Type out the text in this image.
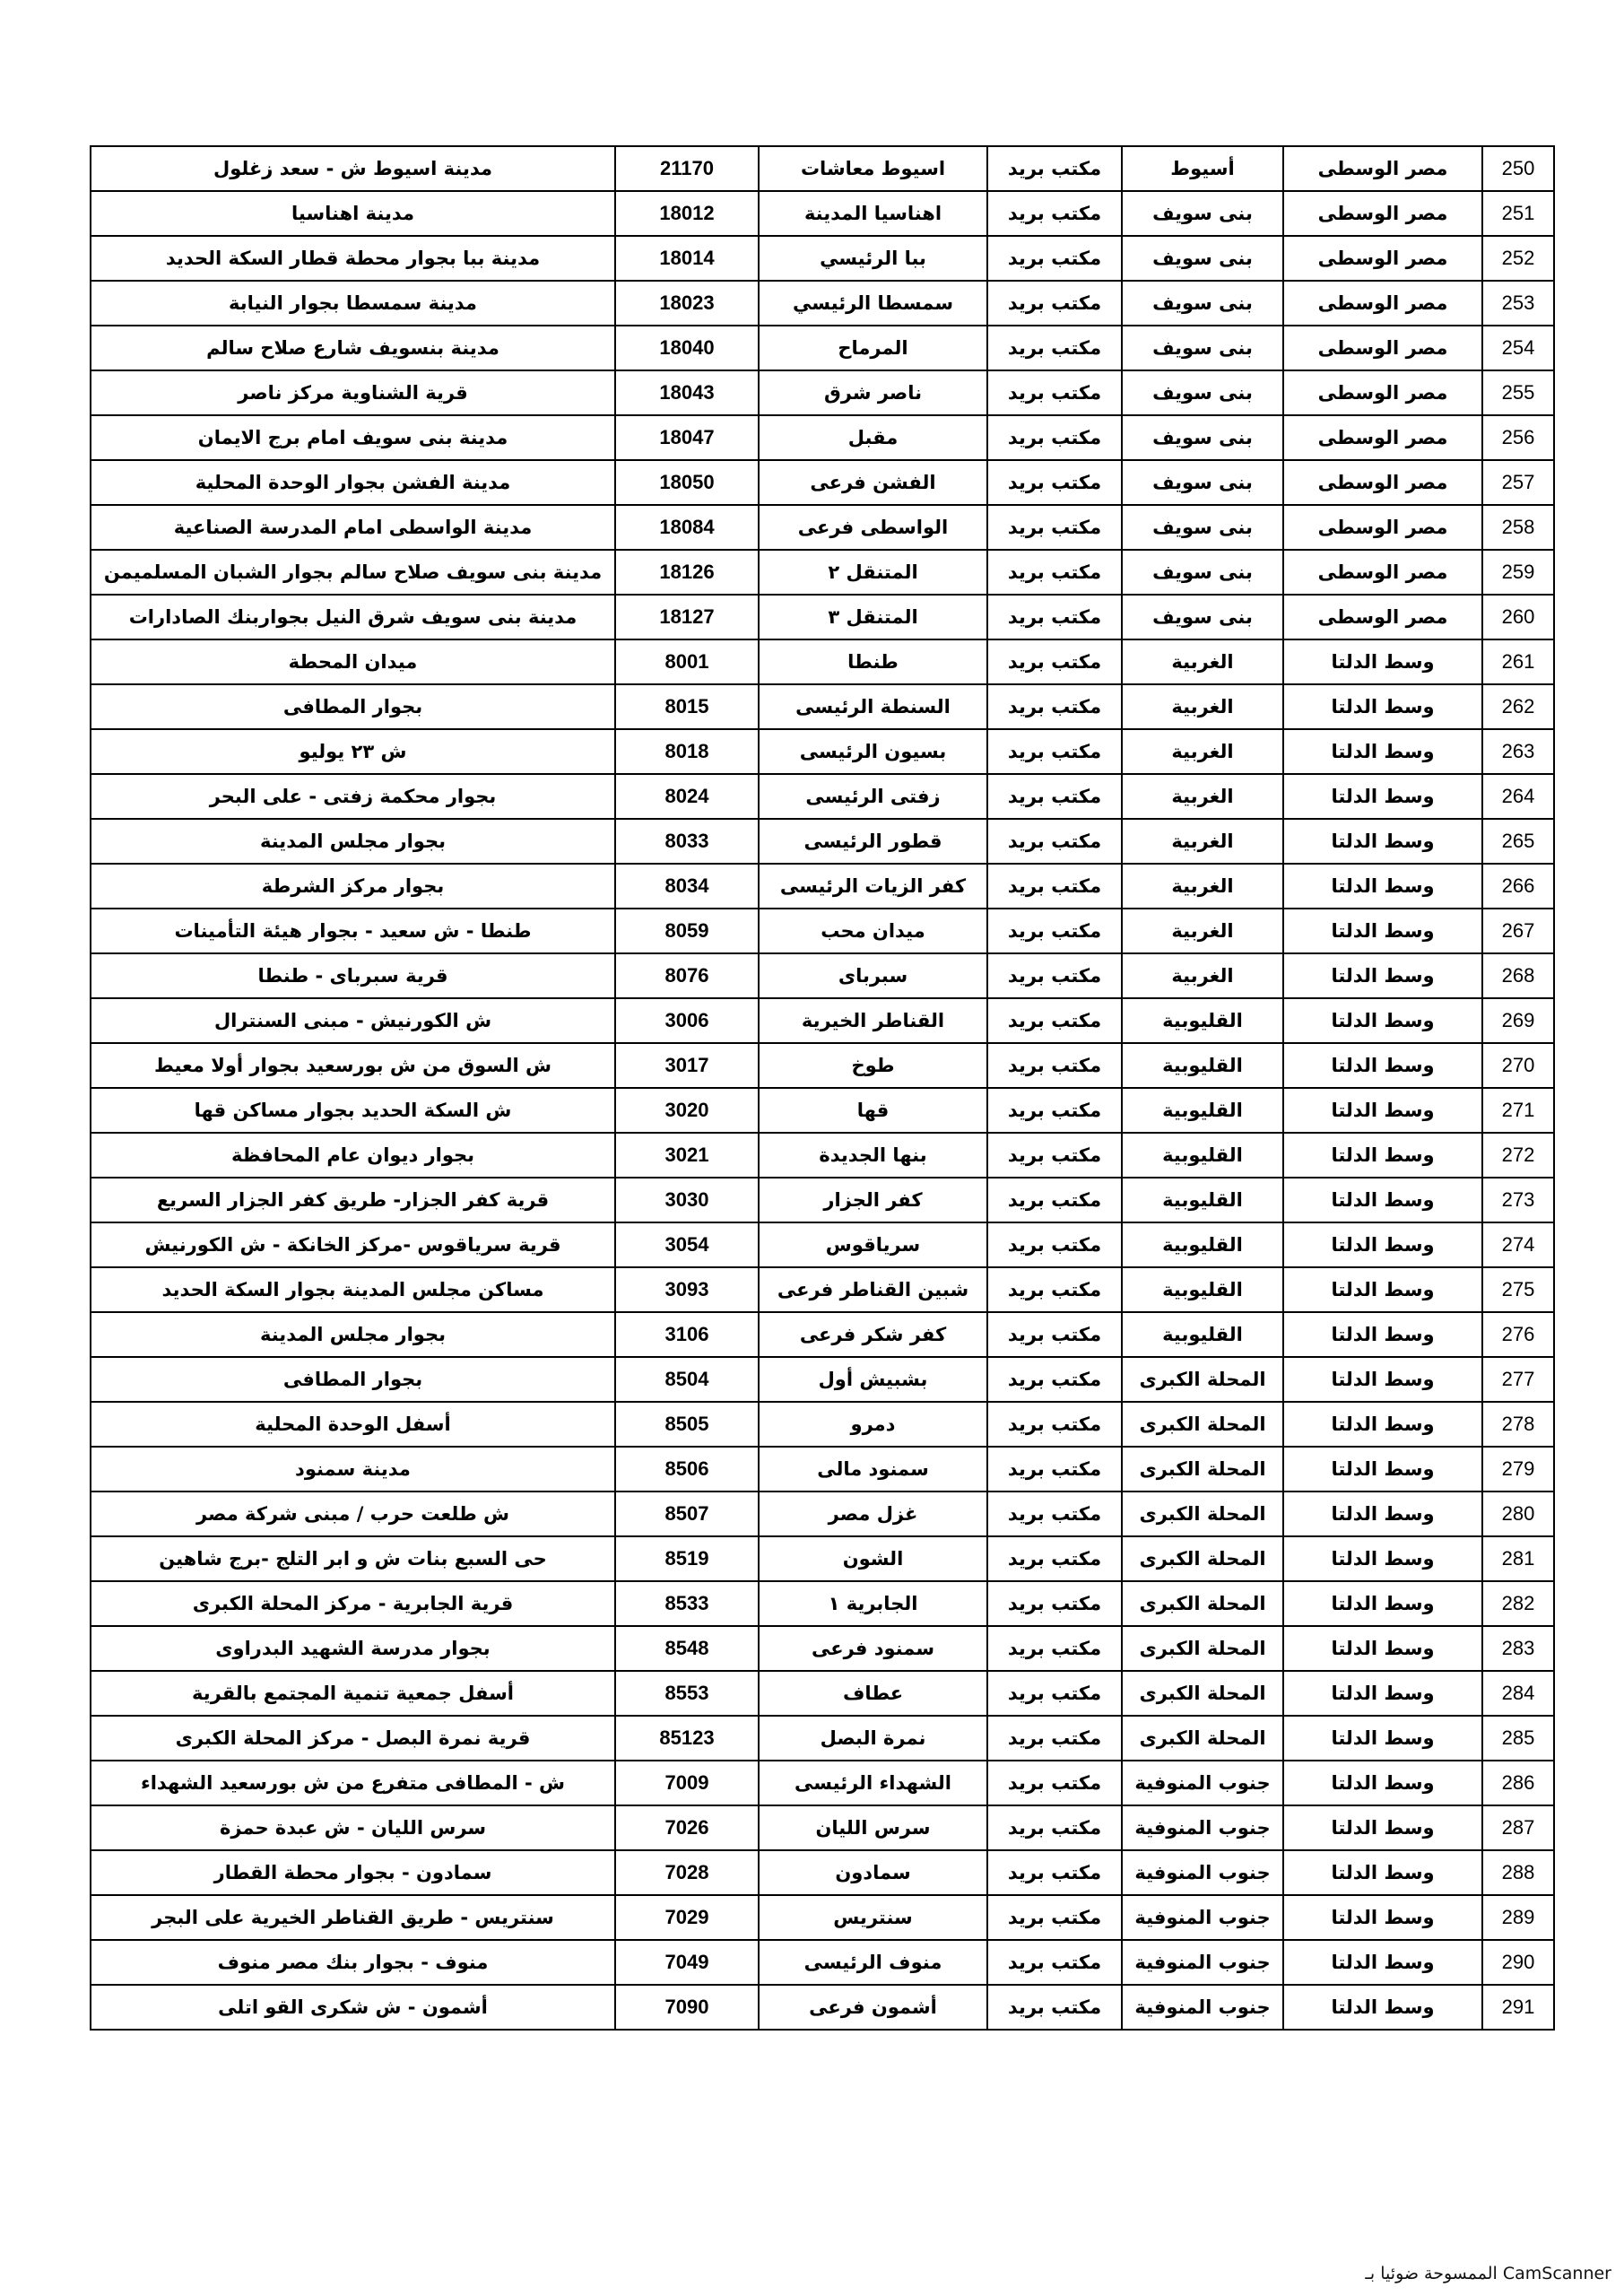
250	مصر الوسطى	أسيوط	مكتب بريد	اسيوط معاشات	21170	مدينة اسيوط ش - سعد زغلول
251	مصر الوسطى	بنى سويف	مكتب بريد	اهناسيا المدينة	18012	مدينة اهناسيا
252	مصر الوسطى	بنى سويف	مكتب بريد	ببا الرئيسي	18014	مدينة ببا بجوار محطة قطار السكة الحديد
253	مصر الوسطى	بنى سويف	مكتب بريد	سمسطا الرئيسي	18023	مدينة سمسطا بجوار النيابة
254	مصر الوسطى	بنى سويف	مكتب بريد	المرماح	18040	مدينة بنسويف شارع صلاح سالم
255	مصر الوسطى	بنى سويف	مكتب بريد	ناصر شرق	18043	قرية الشناوية مركز ناصر
256	مصر الوسطى	بنى سويف	مكتب بريد	مقبل	18047	مدينة بنى سويف امام برج الايمان
257	مصر الوسطى	بنى سويف	مكتب بريد	الفشن فرعى	18050	مدينة الفشن بجوار الوحدة المحلية
258	مصر الوسطى	بنى سويف	مكتب بريد	الواسطى فرعى	18084	مدينة الواسطى امام المدرسة الصناعية
259	مصر الوسطى	بنى سويف	مكتب بريد	المتنقل ٢	18126	مدينة بنى سويف صلاح سالم بجوار الشبان المسلميمن
260	مصر الوسطى	بنى سويف	مكتب بريد	المتنقل ٣	18127	مدينة بنى سويف شرق النيل بجواربنك الصادارات
261	وسط الدلتا	الغربية	مكتب بريد	طنطا	8001	ميدان المحطة
262	وسط الدلتا	الغربية	مكتب بريد	السنطة الرئيسى	8015	بجوار المطافى
263	وسط الدلتا	الغربية	مكتب بريد	بسيون الرئيسى	8018	ش ٢٣ يوليو
264	وسط الدلتا	الغربية	مكتب بريد	زفتى الرئيسى	8024	بجوار محكمة زفتى - على البحر
265	وسط الدلتا	الغربية	مكتب بريد	قطور الرئيسى	8033	بجوار مجلس المدينة
266	وسط الدلتا	الغربية	مكتب بريد	كفر الزيات الرئيسى	8034	بجوار مركز الشرطة
267	وسط الدلتا	الغربية	مكتب بريد	ميدان محب	8059	طنطا - ش سعيد - بجوار هيئة التأمينات
268	وسط الدلتا	الغربية	مكتب بريد	سبرباى	8076	قرية سبرباى - طنطا
269	وسط الدلتا	القليوبية	مكتب بريد	القناطر الخيرية	3006	ش الكورنيش - مبنى السنترال
270	وسط الدلتا	القليوبية	مكتب بريد	طوخ	3017	ش السوق من ش بورسعيد بجوار أولا معيط
271	وسط الدلتا	القليوبية	مكتب بريد	قها	3020	ش السكة الحديد بجوار مساكن قها
272	وسط الدلتا	القليوبية	مكتب بريد	بنها الجديدة	3021	بجوار ديوان عام المحافظة
273	وسط الدلتا	القليوبية	مكتب بريد	كفر الجزار	3030	قرية كفر الجزار- طريق كفر الجزار السريع
274	وسط الدلتا	القليوبية	مكتب بريد	سرياقوس	3054	قرية سرياقوس -مركز الخانكة - ش الكورنيش
275	وسط الدلتا	القليوبية	مكتب بريد	شبين القناطر فرعى	3093	مساكن مجلس المدينة بجوار السكة الحديد
276	وسط الدلتا	القليوبية	مكتب بريد	كفر شكر فرعى	3106	بجوار مجلس المدينة
277	وسط الدلتا	المحلة الكبرى	مكتب بريد	بشبيش أول	8504	بجوار المطافى
278	وسط الدلتا	المحلة الكبرى	مكتب بريد	دمرو	8505	أسفل الوحدة المحلية
279	وسط الدلتا	المحلة الكبرى	مكتب بريد	سمنود مالى	8506	مدينة سمنود
280	وسط الدلتا	المحلة الكبرى	مكتب بريد	غزل مصر	8507	ش طلعت حرب / مبنى شركة مصر
281	وسط الدلتا	المحلة الكبرى	مكتب بريد	الشون	8519	حى السبع بنات ش و ابر التلج -برج شاهين
282	وسط الدلتا	المحلة الكبرى	مكتب بريد	الجابرية ١	8533	قرية الجابرية - مركز المحلة الكبرى
283	وسط الدلتا	المحلة الكبرى	مكتب بريد	سمنود فرعى	8548	بجوار مدرسة الشهيد البدراوى
284	وسط الدلتا	المحلة الكبرى	مكتب بريد	عطاف	8553	أسفل جمعية تنمية المجتمع بالقرية
285	وسط الدلتا	المحلة الكبرى	مكتب بريد	نمرة البصل	85123	قرية نمرة البصل - مركز المحلة الكبرى
286	وسط الدلتا	جنوب المنوفية	مكتب بريد	الشهداء الرئيسى	7009	ش - المطافى متفرع من ش بورسعيد الشهداء
287	وسط الدلتا	جنوب المنوفية	مكتب بريد	سرس الليان	7026	سرس الليان - ش عبدة حمزة
288	وسط الدلتا	جنوب المنوفية	مكتب بريد	سمادون	7028	سمادون - بجوار محطة القطار
289	وسط الدلتا	جنوب المنوفية	مكتب بريد	سنتريس	7029	سنتريس - طريق القناطر الخيرية على البجر
290	وسط الدلتا	جنوب المنوفية	مكتب بريد	منوف الرئيسى	7049	منوف - بجوار بنك مصر منوف
291	وسط الدلتا	جنوب المنوفية	مكتب بريد	أشمون فرعى	7090	أشمون - ش شكرى القو اتلى
الممسوحة ضوئيا بـ CamScanner
